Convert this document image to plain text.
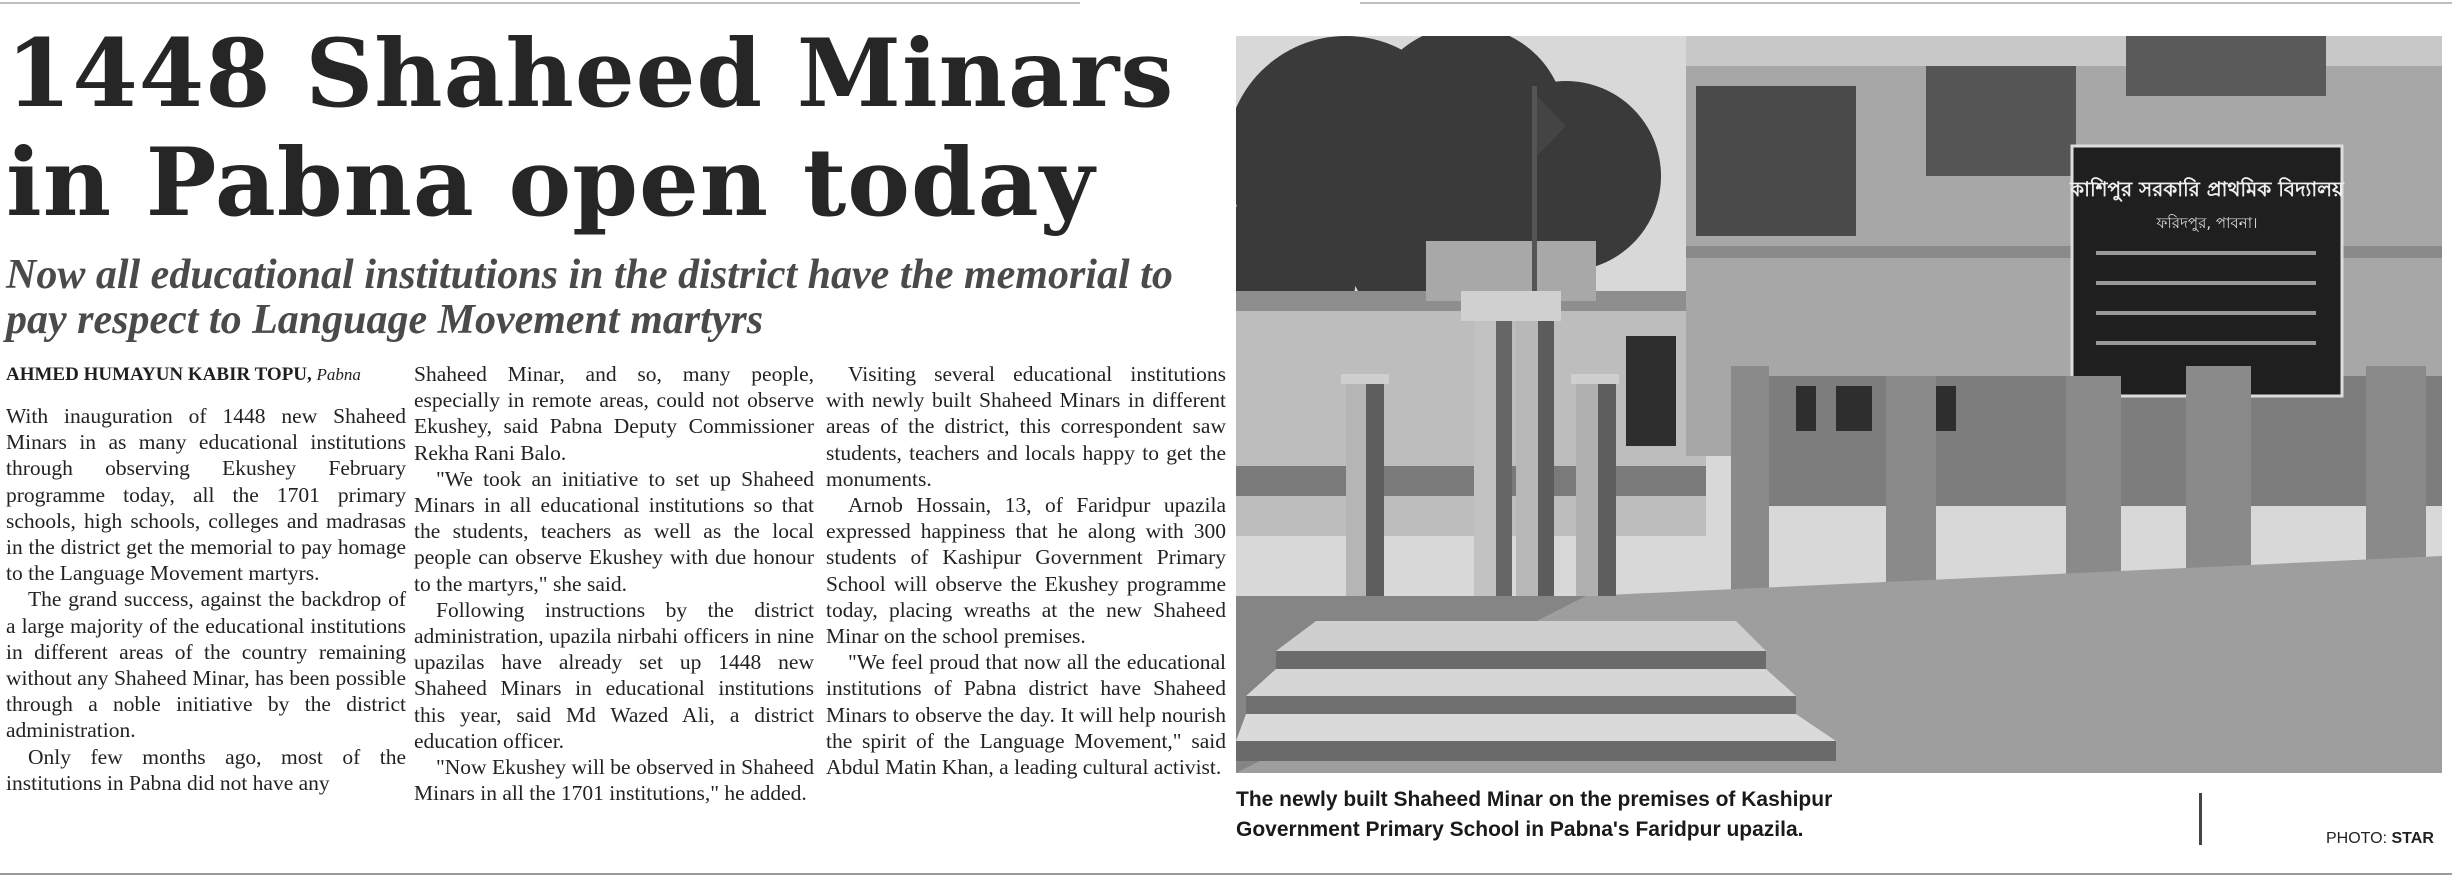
1448 Shaheed Minars in Pabna open today
Now all educational institutions in the district have the memorial to pay respect to Language Movement martyrs
AHMED HUMAYUN KABIR TOPU, Pabna

With inauguration of 1448 new Shaheed Minars in as many educational institutions through observing Ekushey February programme today, all the 1701 primary schools, high schools, colleges and madrasas in the district get the memorial to pay homage to the Language Movement martyrs.

The grand success, against the backdrop of a large majority of the educational institutions in different areas of the country remaining without any Shaheed Minar, has been possible through a noble initiative by the district administration.

Only few months ago, most of the institutions in Pabna did not have any

Shaheed Minar, and so, many people, especially in remote areas, could not observe Ekushey, said Pabna Deputy Commissioner Rekha Rani Balo.

"We took an initiative to set up Shaheed Minars in all educational institutions so that the students, teachers as well as the local people can observe Ekushey with due honour to the martyrs," she said.

Following instructions by the district administration, upazila nirbahi officers in nine upazilas have already set up 1448 new Shaheed Minars in educational institutions this year, said Md Wazed Ali, a district education officer.

"Now Ekushey will be observed in Shaheed Minars in all the 1701 institutions," he added.

Visiting several educational institutions with newly built Shaheed Minars in different areas of the district, this correspondent saw students, teachers and locals happy to get the monuments.

Arnob Hossain, 13, of Faridpur upazila expressed happiness that he along with 300 students of Kashipur Government Primary School will observe the Ekushey programme today, placing wreaths at the new Shaheed Minar on the school premises.

"We feel proud that now all the educational institutions of Pabna district have Shaheed Minars to observe the day. It will help nourish the spirit of the Language Movement," said Abdul Matin Khan, a leading cultural activist.

কাশিপুর সরকারি প্রাথমিক বিদ্যালয়
ফরিদপুর, পাবনা।
The newly built Shaheed Minar on the premises of Kashipur Government Primary School in Pabna's Faridpur upazila.	PHOTO: STAR
